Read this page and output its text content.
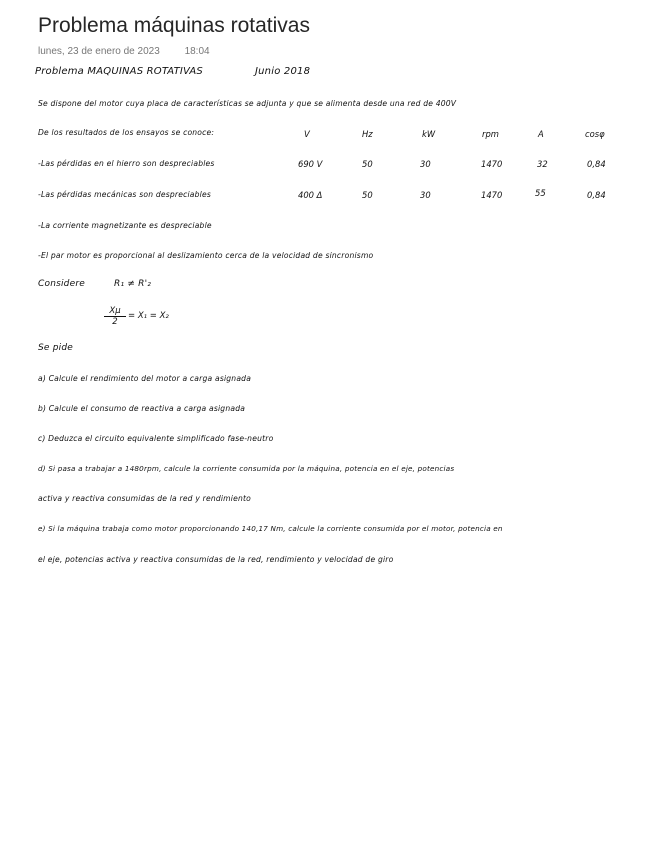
Problema máquinas rotativas
lunes, 23 de enero de 2023 18:04
Problema MAQUINAS ROTATIVAS	Junio 2018
Se dispone del motor cuya placa de características se adjunta y que se alimenta desde una red de 400V
De los resultados de los ensayos se conoce:	V	Hz	kW	rpm	A	cosφ
-Las pérdidas en el hierro son despreciables	690 V	50	30	1470	32	0,84
-Las pérdidas mecánicas son despreciables	400 Δ	50	30	1470	55	0,84
-La corriente magnetizante es despreciable
-El par motor es proporcional al deslizamiento cerca de la velocidad de sincronismo
Considere	R₁ ≠ R'₂
$\frac{X\mu}{2} = X_1 = X_2$
Se pide
a) Calcule el rendimiento del motor a carga asignada
b) Calcule el consumo de reactiva a carga asignada
c) Deduzca el circuito equivalente simplificado fase-neutro
d) Si pasa a trabajar a 1480rpm, calcule la corriente consumida por la máquina, potencia en el eje, potencias
activa y reactiva consumidas de la red y rendimiento
e) Si la máquina trabaja como motor proporcionando 140,17 Nm, calcule la corriente consumida por el motor, potencia en
el eje, potencias activa y reactiva consumidas de la red, rendimiento y velocidad de giro
